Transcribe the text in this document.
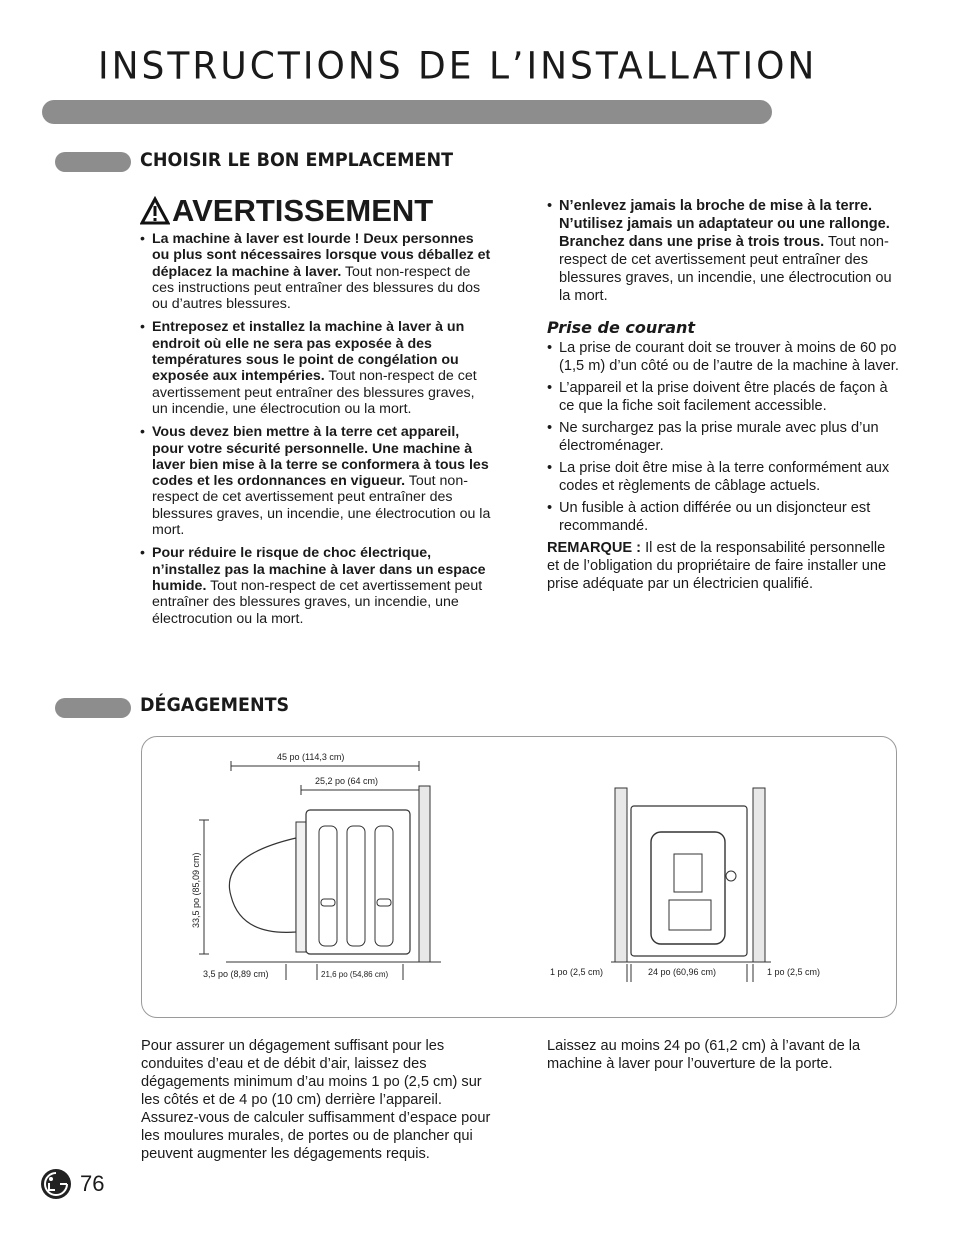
INSTRUCTIONS DE L’INSTALLATION
CHOISIR LE BON EMPLACEMENT
AVERTISSEMENT
• La machine à laver est lourde ! Deux personnes ou plus sont nécessaires lorsque vous déballez et déplacez la machine à laver. Tout non-respect de ces instructions peut entraîner des blessures du dos ou d’autres blessures.
• Entreposez et installez la machine à laver à un endroit où elle ne sera pas exposée à des températures sous le point de congélation ou exposée aux intempéries. Tout non-respect de cet avertissement peut entraîner des blessures graves, un incendie, une électrocution ou la mort.
• Vous devez bien mettre à la terre cet appareil, pour votre sécurité personnelle. Une machine à laver bien mise à la terre se conformera à tous les codes et les ordonnances en vigueur. Tout non-respect de cet avertissement peut entraîner des blessures graves, un incendie, une électrocution ou la mort.
• Pour réduire le risque de choc électrique, n’installez pas la machine à laver dans un espace humide. Tout non-respect de cet avertissement peut entraîner des blessures graves, un incendie, une électrocution ou la mort.
• N’enlevez jamais la broche de mise à la terre. N’utilisez jamais un adaptateur ou une rallonge. Branchez dans une prise à trois trous. Tout non-respect de cet avertissement peut entraîner des blessures graves, un incendie, une électrocution ou la mort.
Prise de courant
• La prise de courant doit se trouver à moins de 60 po (1,5 m) d’un côté ou de l’autre de la machine à laver.
• L’appareil et la prise doivent être placés de façon à ce que la fiche soit facilement accessible.
• Ne surchargez pas la prise murale avec plus d’un électroménager.
• La prise doit être mise à la terre conformément aux codes et règlements de câblage actuels.
• Un fusible à action différée ou un disjoncteur est recommandé.
REMARQUE : Il est de la responsabilité personnelle et de l’obligation du propriétaire de faire installer une prise adéquate par un électricien qualifié.
DÉGAGEMENTS
45 po (114,3 cm)
25,2 po (64 cm)
33,5 po (85,09 cm)
3,5 po (8,89 cm)	21,6 po (54,86 cm)	1 po (2,5 cm)	24 po (60,96 cm)	1 po (2,5 cm)
Pour assurer un dégagement suffisant pour les conduites d’eau et de débit d’air, laissez des dégagements minimum d’au moins 1 po (2,5 cm) sur les côtés et de 4 po (10 cm) derrière l’appareil. Assurez-vous de calculer suffisamment d’espace pour les moulures murales, de portes ou de plancher qui peuvent augmenter les dégagements requis.
Laissez au moins 24 po (61,2 cm) à l’avant de la machine à laver pour l’ouverture de la porte.
76
